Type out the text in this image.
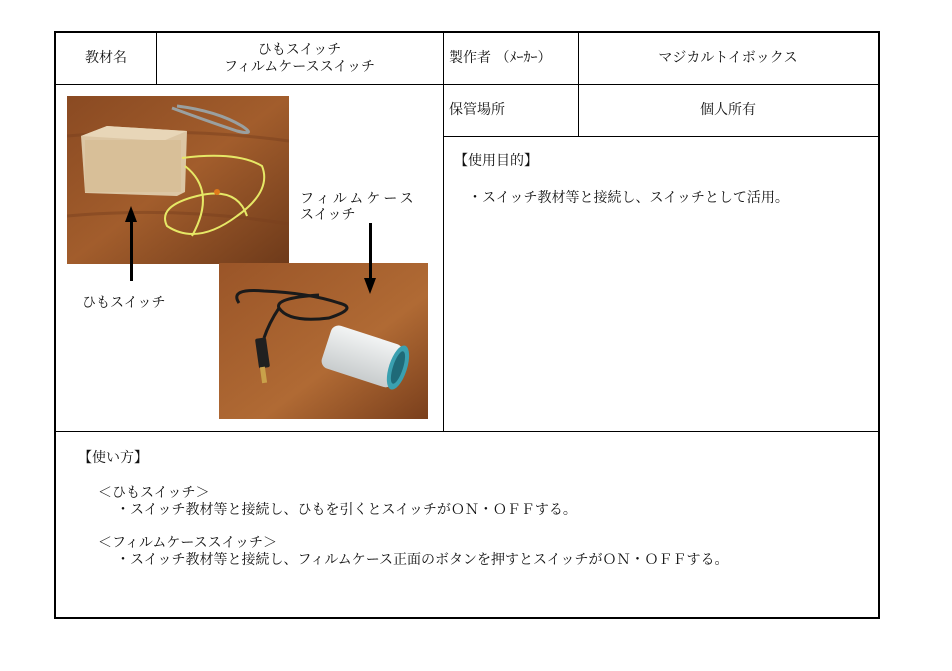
教材名
ひもスイッチ
フィルムケーススイッチ
製作者 （ﾒｰｶｰ）	マジカルトイボックス
保管場所	個人所有
【使用目的】
・スイッチ教材等と接続し、スイッチとして活用。
ひもスイッチ
フィルムケース
スイッチ
【使い方】
＜ひもスイッチ＞
・スイッチ教材等と接続し、ひもを引くとスイッチがＯＮ・ＯＦＦする。
＜フィルムケーススイッチ＞
・スイッチ教材等と接続し、フィルムケース正面のボタンを押すとスイッチがＯＮ・ＯＦＦする。
